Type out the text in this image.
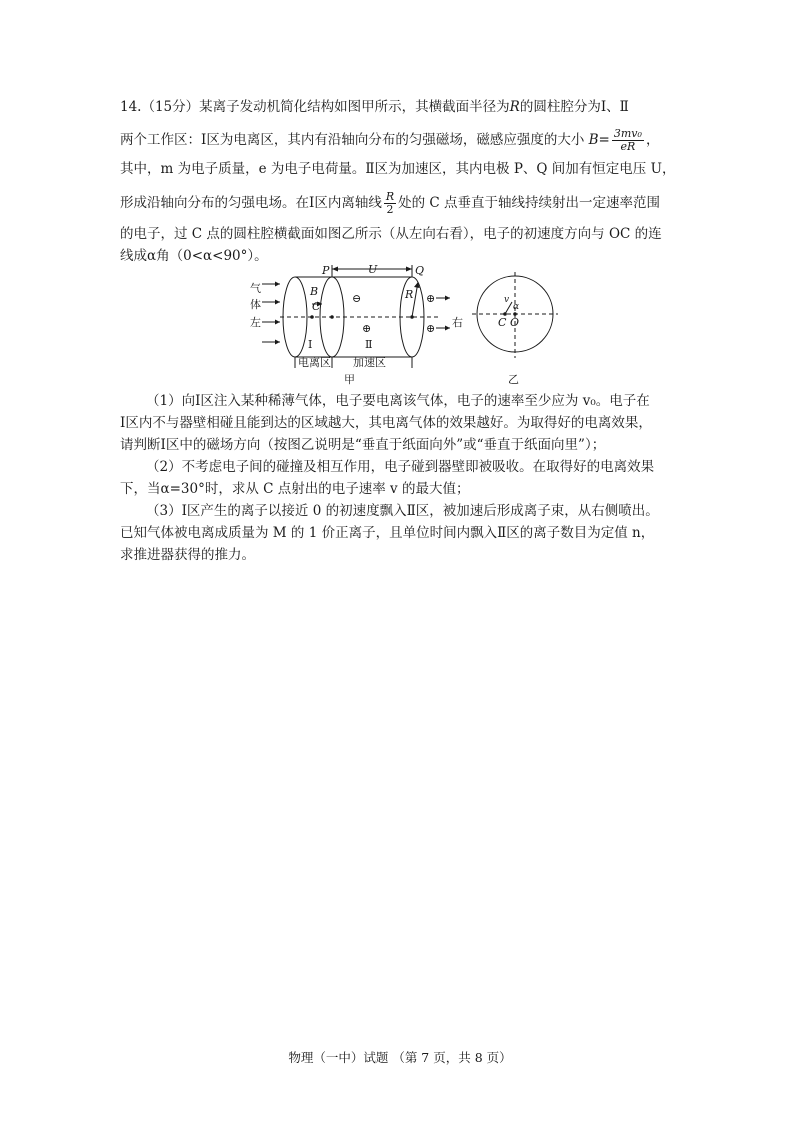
14.（15分）某离子发动机简化结构如图甲所示，其横截面半径为R的圆柱腔分为Ⅰ、Ⅱ
两个工作区：Ⅰ区为电离区，其内有沿轴向分布的匀强磁场，磁感应强度的大小 $B= \frac{\text{3mv₀}}{eR}$ ，
其中，m 为电子质量，e 为电子电荷量。Ⅱ区为加速区，其内电极 P、Q 间加有恒定电压 U，
形成沿轴向分布的匀强电场。在Ⅰ区内离轴线 $\frac{R}{2}$ 处的 C 点垂直于轴线持续射出一定速率范围
的电子，过 C 点的圆柱腔横截面如图乙所示（从左向右看），电子的初速度方向与 OC 的连
线成α角（0<α<90°）。
气
体
左	右
P	Q
U
B
C
R
Ⅰ	Ⅱ
电离区 加速区
甲	乙
⊖
⊕
⊕
⊕
v
α
C O
（1）向Ⅰ区注入某种稀薄气体，电子要电离该气体，电子的速率至少应为 v₀。电子在
Ⅰ区内不与器壁相碰且能到达的区域越大，其电离气体的效果越好。为取得好的电离效果，
请判断Ⅰ区中的磁场方向（按图乙说明是“垂直于纸面向外”或“垂直于纸面向里”）；
（2）不考虑电子间的碰撞及相互作用，电子碰到器壁即被吸收。在取得好的电离效果
下，当α=30°时，求从 C 点射出的电子速率 v 的最大值；
（3）Ⅰ区产生的离子以接近 0 的初速度飘入Ⅱ区，被加速后形成离子束，从右侧喷出。
已知气体被电离成质量为 M 的 1 价正离子，且单位时间内飘入Ⅱ区的离子数目为定值 n，
求推进器获得的推力。
物理（一中）试题 （第 7 页，共 8 页）
